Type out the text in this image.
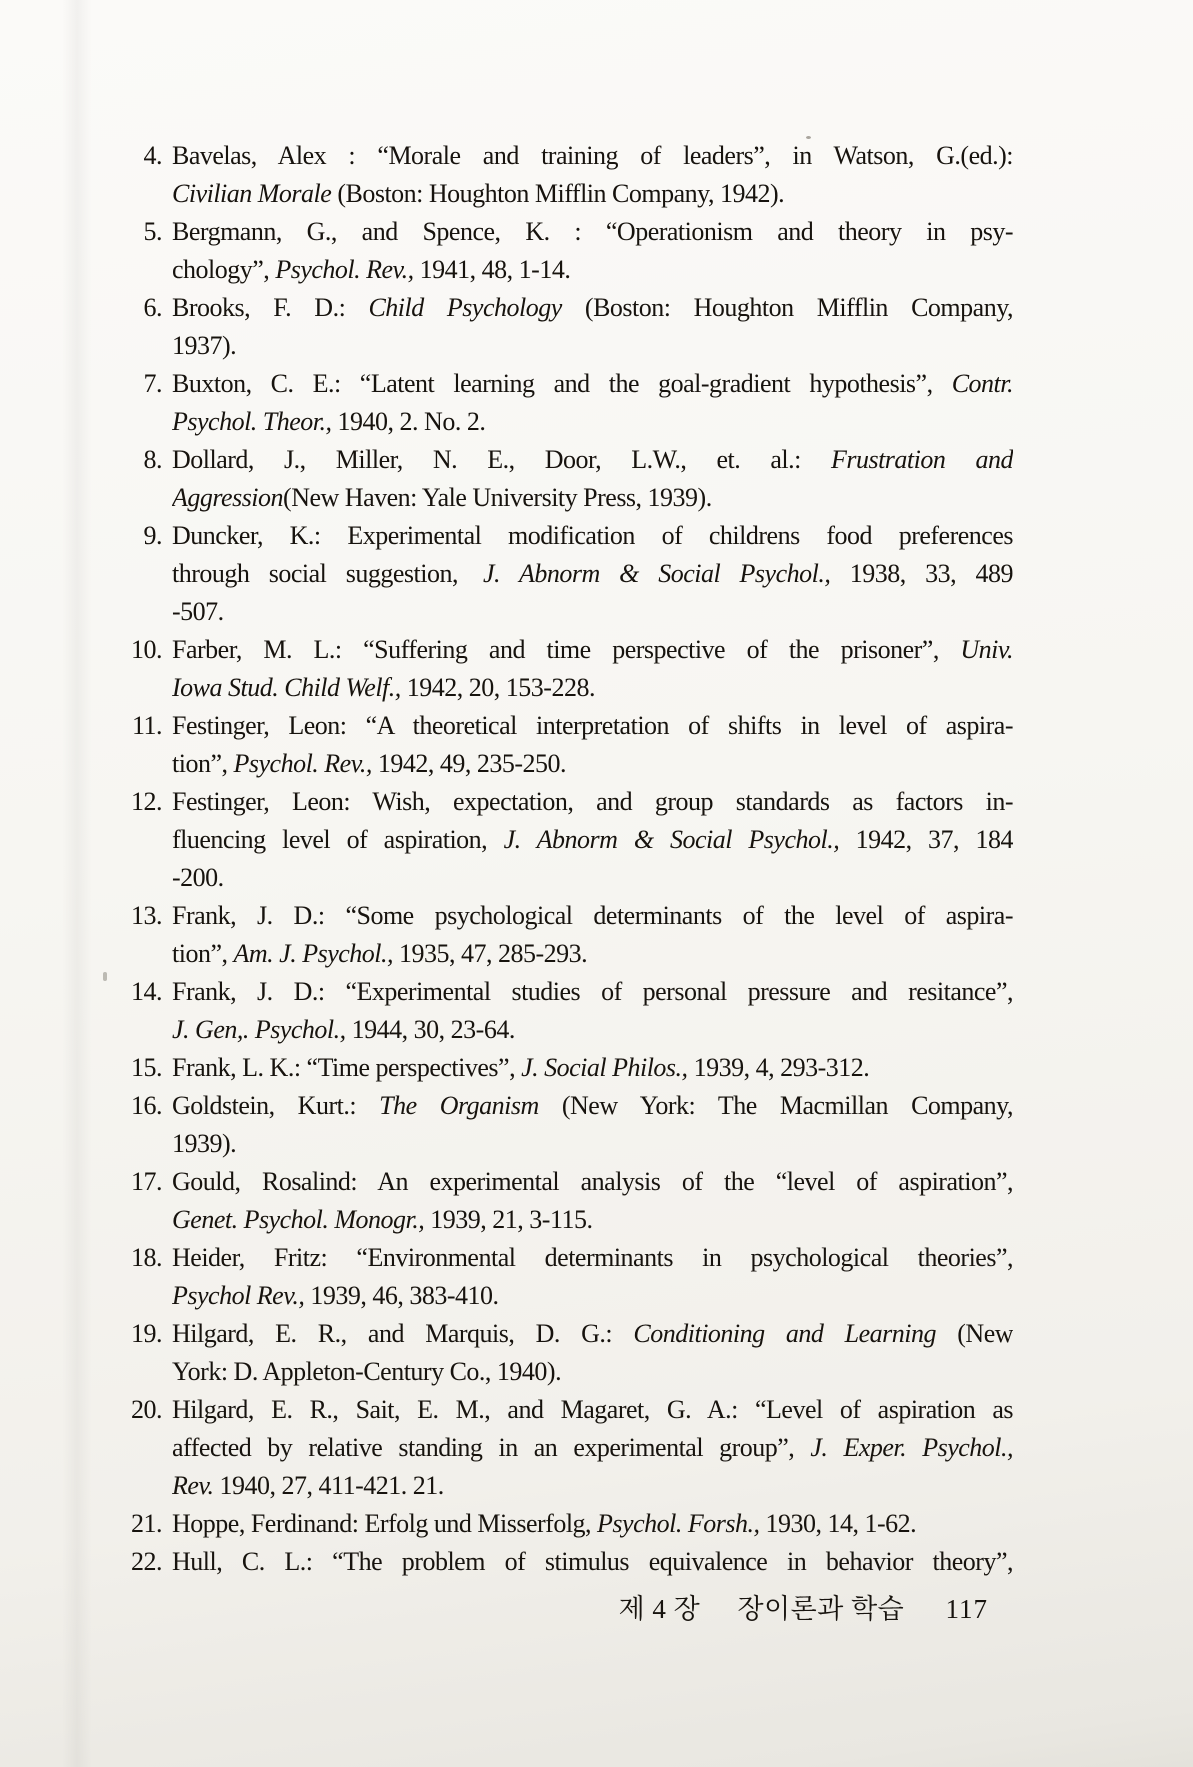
4. Bavelas, Alex : “Morale and training of leaders”, in Watson, G.(ed.):
Civilian Morale (Boston: Houghton Mifflin Company, 1942).
5. Bergmann, G., and Spence, K. : “Operationism and theory in psy-
chology”, Psychol. Rev., 1941, 48, 1-14.
6. Brooks, F. D.: Child Psychology (Boston: Houghton Mifflin Company,
1937).
7. Buxton, C. E.: “Latent learning and the goal-gradient hypothesis”, Contr.
Psychol. Theor., 1940, 2. No. 2.
8. Dollard, J., Miller, N. E., Door, L.W., et. al.: Frustration and
Aggression(New Haven: Yale University Press, 1939).
9. Duncker, K.: Experimental modification of childrens food preferences
through social suggestion,  J. Abnorm & Social Psychol., 1938, 33, 489
-507.
10. Farber, M. L.: “Suffering and time perspective of the prisoner”, Univ.
Iowa Stud. Child Welf., 1942, 20, 153-228.
11. Festinger, Leon: “A theoretical interpretation of shifts in level of aspira-
tion”, Psychol. Rev., 1942, 49, 235-250.
12. Festinger, Leon: Wish, expectation, and group standards as factors in-
fluencing level of aspiration, J. Abnorm & Social Psychol., 1942, 37, 184
-200.
13. Frank, J. D.: “Some psychological determinants of the level of aspira-
tion”, Am. J. Psychol., 1935, 47, 285-293.
14. Frank, J. D.: “Experimental studies of personal pressure and resitance”,
J. Gen,. Psychol., 1944, 30, 23-64.
15. Frank, L. K.: “Time perspectives”, J. Social Philos., 1939, 4, 293-312.
16. Goldstein, Kurt.: The Organism (New York: The Macmillan Company,
1939).
17. Gould, Rosalind: An experimental analysis of the “level of aspiration”,
Genet. Psychol. Monogr., 1939, 21, 3-115.
18. Heider, Fritz: “Environmental determinants in psychological theories”,
Psychol Rev., 1939, 46, 383-410.
19. Hilgard, E. R., and Marquis, D. G.: Conditioning and Learning (New
York: D. Appleton-Century Co., 1940).
20. Hilgard, E. R., Sait, E. M., and Magaret, G. A.: “Level of aspiration as
affected by relative standing in an experimental group”, J. Exper. Psychol.,
Rev. 1940, 27, 411-421. 21.
21. Hoppe, Ferdinand: Erfolg und Misserfolg, Psychol. Forsh., 1930, 14, 1-62.
22. Hull, C. L.: “The problem of stimulus equivalence in behavior theory”,
제 4 장 장이론과 학습 117
